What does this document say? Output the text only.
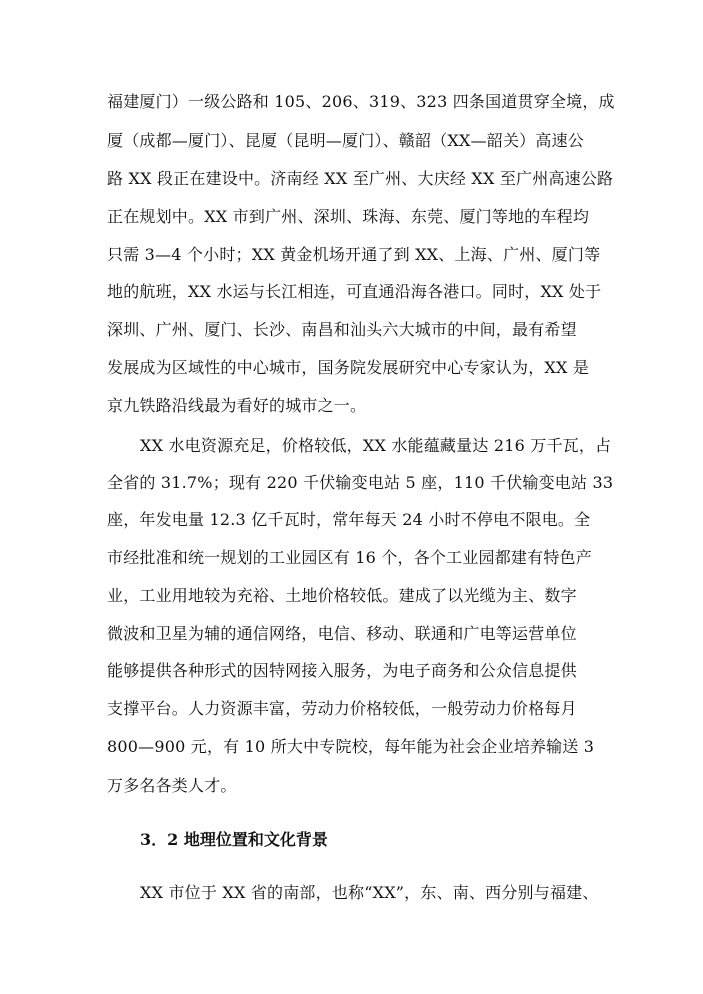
福建厦门）一级公路和 105、206、319、323 四条国道贯穿全境，成
厦（成都—厦门）、昆厦（昆明—厦门）、赣韶（XX—韶关）高速公
路 XX 段正在建设中。济南经 XX 至广州、大庆经 XX 至广州高速公路
正在规划中。XX 市到广州、深圳、珠海、东莞、厦门等地的车程均
只需 3—4 个小时；XX 黄金机场开通了到 XX、上海、广州、厦门等
地的航班，XX 水运与长江相连，可直通沿海各港口。同时，XX 处于
深圳、广州、厦门、长沙、南昌和汕头六大城市的中间，最有希望
发展成为区域性的中心城市，国务院发展研究中心专家认为，XX 是
京九铁路沿线最为看好的城市之一。
XX 水电资源充足，价格较低，XX 水能蕴藏量达 216 万千瓦，占
全省的 31.7%；现有 220 千伏输变电站 5 座，110 千伏输变电站 33
座，年发电量 12.3 亿千瓦时，常年每天 24 小时不停电不限电。全
市经批准和统一规划的工业园区有 16 个，各个工业园都建有特色产
业，工业用地较为充裕、土地价格较低。建成了以光缆为主、数字
微波和卫星为辅的通信网络，电信、移动、联通和广电等运营单位
能够提供各种形式的因特网接入服务，为电子商务和公众信息提供
支撑平台。人力资源丰富，劳动力价格较低，一般劳动力价格每月
800—900 元，有 10 所大中专院校，每年能为社会企业培养输送 3
万多名各类人才。
3．2 地理位置和文化背景
XX 市位于 XX 省的南部，也称“XX”，东、南、西分别与福建、
